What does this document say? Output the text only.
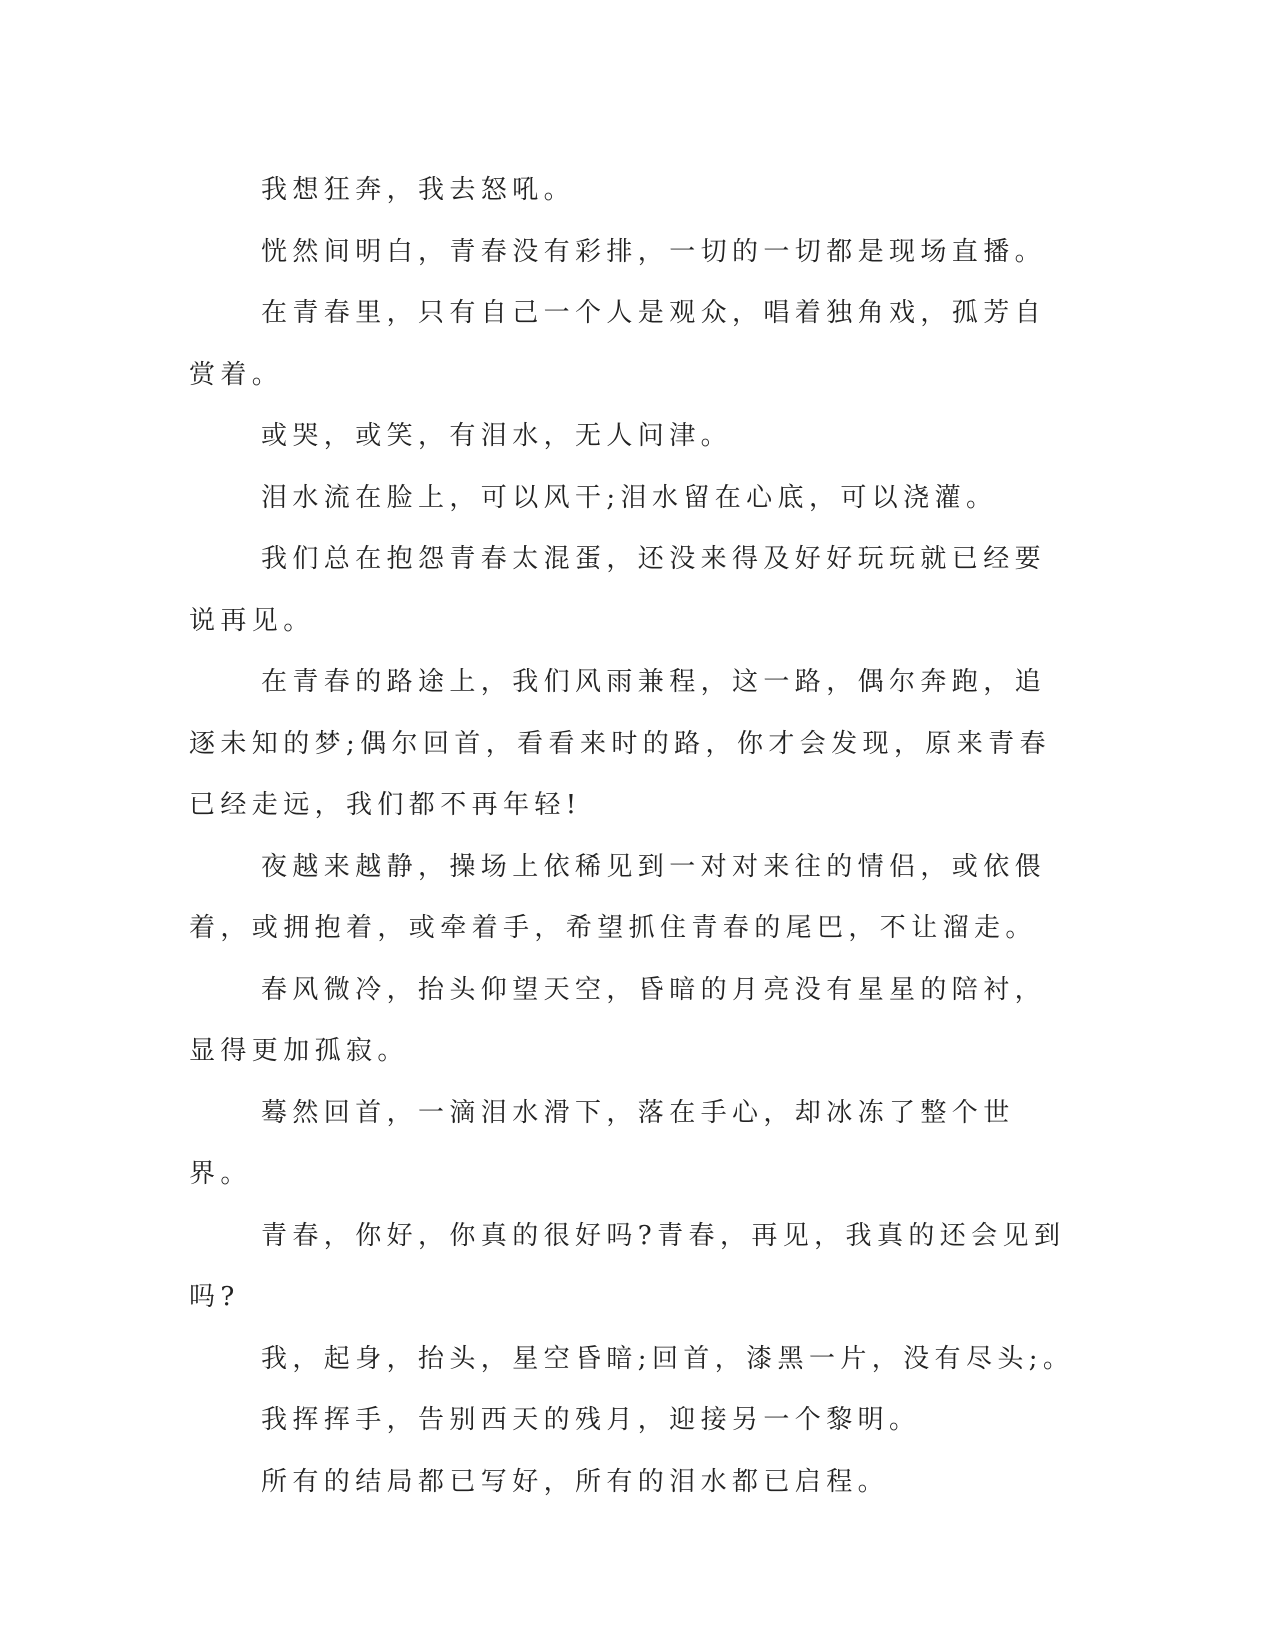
我想狂奔，我去怒吼。

恍然间明白，青春没有彩排，一切的一切都是现场直播。

在青春里，只有自己一个人是观众，唱着独角戏，孤芳自赏着。

或哭，或笑，有泪水，无人问津。

泪水流在脸上，可以风干;泪水留在心底，可以浇灌。

我们总在抱怨青春太混蛋，还没来得及好好玩玩就已经要说再见。

在青春的路途上，我们风雨兼程，这一路，偶尔奔跑，追逐未知的梦;偶尔回首，看看来时的路，你才会发现，原来青春已经走远，我们都不再年轻!

夜越来越静，操场上依稀见到一对对来往的情侣，或依偎着，或拥抱着，或牵着手，希望抓住青春的尾巴，不让溜走。

春风微冷，抬头仰望天空，昏暗的月亮没有星星的陪衬，显得更加孤寂。

蓦然回首，一滴泪水滑下，落在手心，却冰冻了整个世界。

青春，你好，你真的很好吗?青春，再见，我真的还会见到吗?

我，起身，抬头，星空昏暗;回首，漆黑一片，没有尽头;。

我挥挥手，告别西天的残月，迎接另一个黎明。

所有的结局都已写好，所有的泪水都已启程。
